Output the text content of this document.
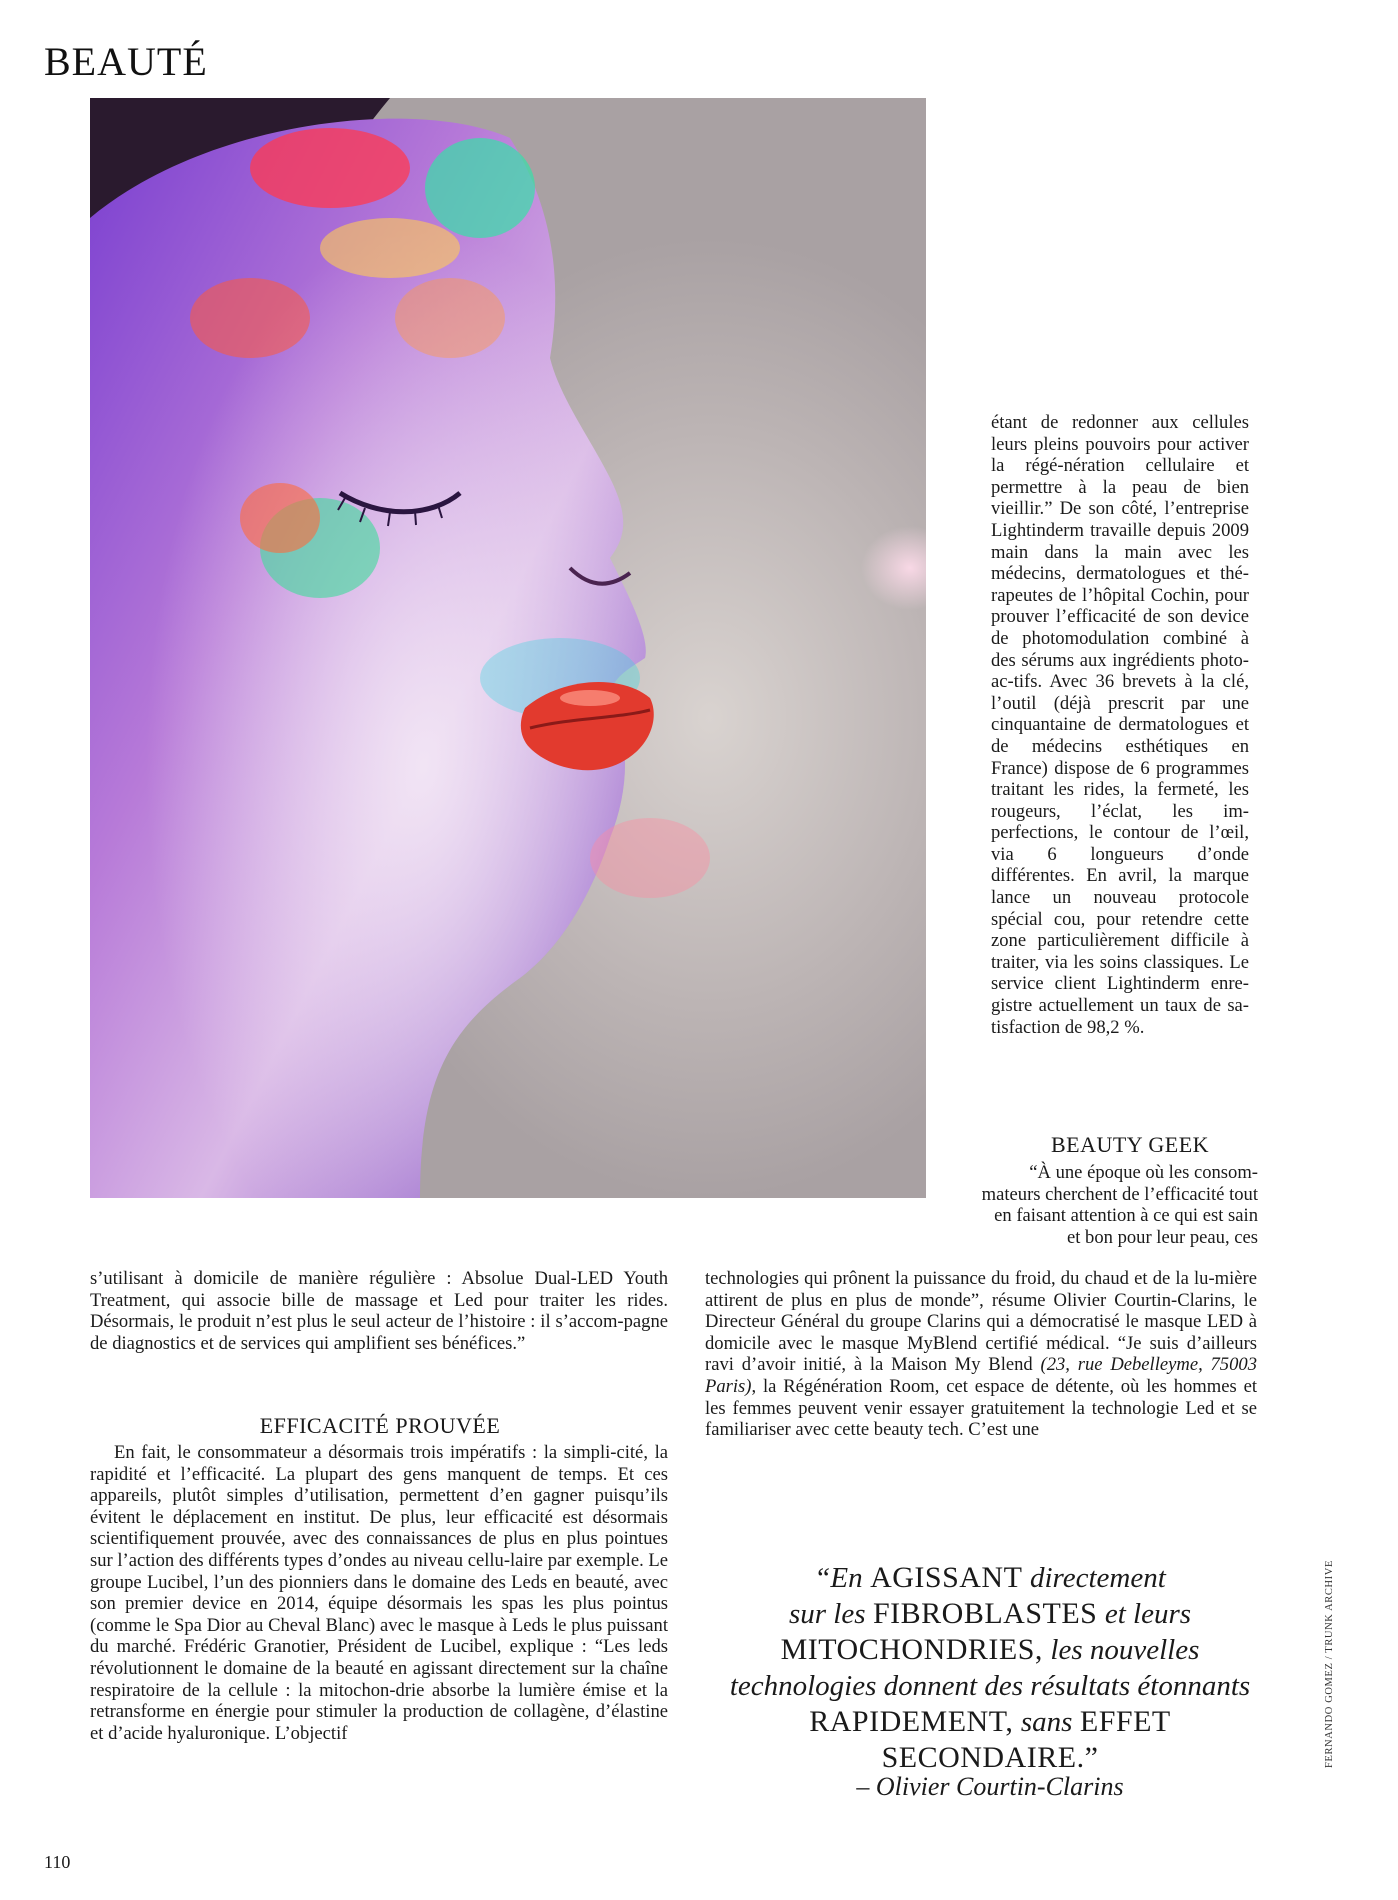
BEAUTÉ

étant de redonner aux cellules leurs pleins pouvoirs pour activer la régé-nération cellulaire et permettre à la peau de bien vieillir.” De son côté, l’entreprise Lightinderm travaille depuis 2009 main dans la main avec les médecins, dermatologues et thé-rapeutes de l’hôpital Cochin, pour prouver l’efficacité de son device de photomodulation combiné à des sérums aux ingrédients photo-ac-tifs. Avec 36 brevets à la clé, l’outil (déjà prescrit par une cinquantaine de dermatologues et de médecins esthétiques en France) dispose de 6 programmes traitant les rides, la fermeté, les rougeurs, l’éclat, les im-perfections, le contour de l’œil, via 6 longueurs d’onde différentes. En avril, la marque lance un nouveau protocole spécial cou, pour retendre cette zone particulièrement difficile à traiter, via les soins classiques. Le service client Lightinderm enre-gistre actuellement un taux de sa-tisfaction de 98,2 %.

BEAUTY GEEK

“À une époque où les consom-mateurs cherchent de l’efficacité tout en faisant attention à ce qui est sain et bon pour leur peau, ces

s’utilisant à domicile de manière régulière : Absolue Dual-LED Youth Treatment, qui associe bille de massage et Led pour traiter les rides. Désormais, le produit n’est plus le seul acteur de l’histoire : il s’accom-pagne de diagnostics et de services qui amplifient ses bénéfices.”

EFFICACITÉ PROUVÉE

En fait, le consommateur a désormais trois impératifs : la simpli-cité, la rapidité et l’efficacité. La plupart des gens manquent de temps. Et ces appareils, plutôt simples d’utilisation, permettent d’en gagner puisqu’ils évitent le déplacement en institut. De plus, leur efficacité est désormais scientifiquement prouvée, avec des connaissances de plus en plus pointues sur l’action des différents types d’ondes au niveau cellu-laire par exemple. Le groupe Lucibel, l’un des pionniers dans le domaine des Leds en beauté, avec son premier device en 2014, équipe désormais les spas les plus pointus (comme le Spa Dior au Cheval Blanc) avec le masque à Leds le plus puissant du marché. Frédéric Granotier, Président de Lucibel, explique : “Les leds révolutionnent le domaine de la beauté en agissant directement sur la chaîne respiratoire de la cellule : la mitochon-drie absorbe la lumière émise et la retransforme en énergie pour stimuler la production de collagène, d’élastine et d’acide hyaluronique. L’objectif

technologies qui prônent la puissance du froid, du chaud et de la lu-mière attirent de plus en plus de monde”, résume Olivier Courtin-Clarins, le Directeur Général du groupe Clarins qui a démocratisé le masque LED à domicile avec le masque MyBlend certifié médical. “Je suis d’ailleurs ravi d’avoir initié, à la Maison My Blend (23, rue Debelleyme, 75003 Paris), la Régénération Room, cet espace de détente, où les hommes et les femmes peuvent venir essayer gratuitement la technologie Led et se familiariser avec cette beauty tech. C’est une

“En AGISSANT directement
sur les FIBROBLASTES et leurs
MITOCHONDRIES, les nouvelles
technologies donnent des résultats étonnants
RAPIDEMENT, sans EFFET
SECONDAIRE.”
– Olivier Courtin-Clarins
FERNANDO GOMEZ / TRUNK ARCHIVE
110
